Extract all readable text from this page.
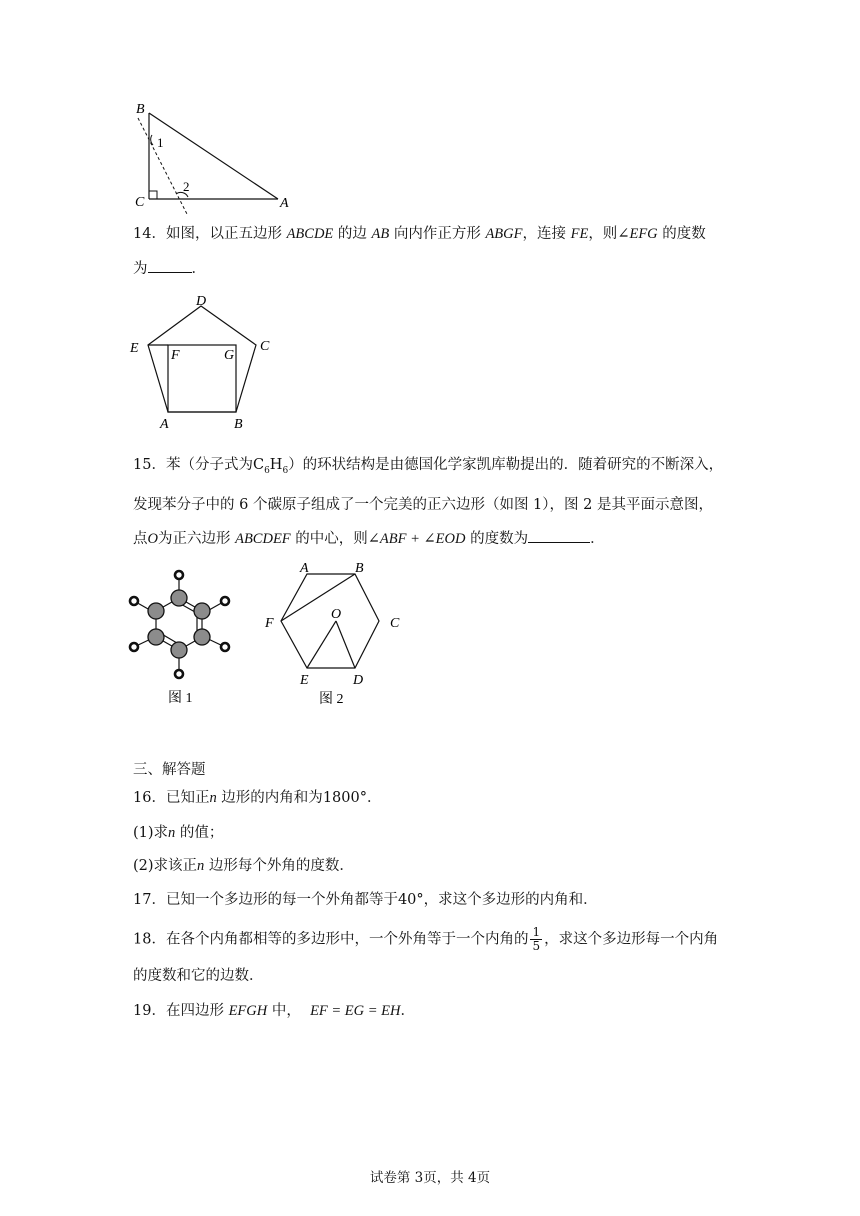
B
C	A
1
2
14．如图，以正五边形 ABCDE 的边 AB 向内作正方形 ABGF，连接 FE，则∠EFG 的度数
为	．
D
E F	G
C
A	B
15．苯（分子式为$C_6H_6$）的环状结构是由德国化学家凯库勒提出的．随着研究的不断深入，
发现苯分子中的 6 个碳原子组成了一个完美的正六边形（如图 1），图 2 是其平面示意图，
点O为正六边形 ABCDEF 的中心，则∠ABF + ∠EOD 的度数为	．
图 1
A	B
C
D
E
F
O
图 2
三、解答题
16．已知正n 边形的内角和为1800°．
(1)求n 的值；
(2)求该正n 边形每个外角的度数．
17．已知一个多边形的每一个外角都等于40°，求这个多边形的内角和．
18．在各个内角都相等的多边形中，一个外角等于一个内角的 $\frac{1}{5}$ ，求这个多边形每一个内角
的度数和它的边数．
19．在四边形 EFGH 中， EF = EG = EH．
试卷第 3页，共 4页
